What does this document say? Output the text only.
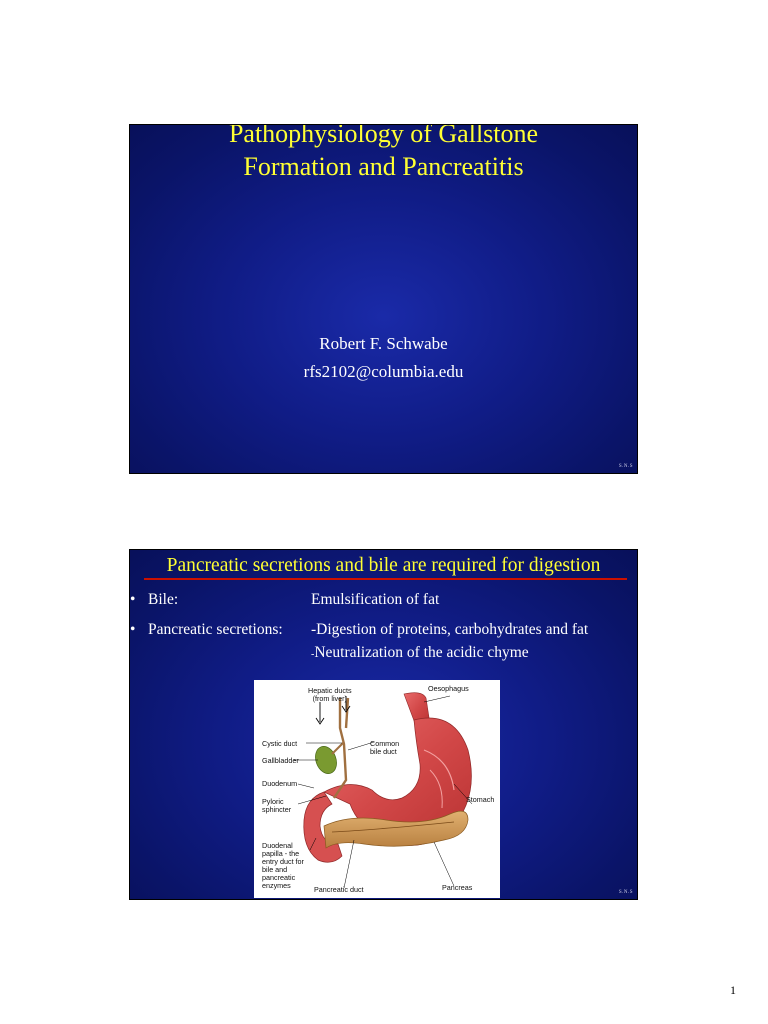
Pathophysiology of Gallstone
Formation and Pancreatitis
Robert F. Schwabe
rfs2102@columbia.edu
S.N.S
Pancreatic secretions and bile are required for digestion
• Bile:	Emulsification of fat
• Pancreatic secretions: -Digestion of proteins, carbohydrates and fat
-Neutralization of the acidic chyme
Hepatic ducts
(from liver)
Oesophagus
Cystic duct	Common
bile duct
Gallbladder
Duodenum
Pyloric
sphincter
Stomach
Duodenal
papilla - the
entry duct for
bile and
pancreatic
enzymes	Pancreatic duct	Pancreas
S.N.S
1
